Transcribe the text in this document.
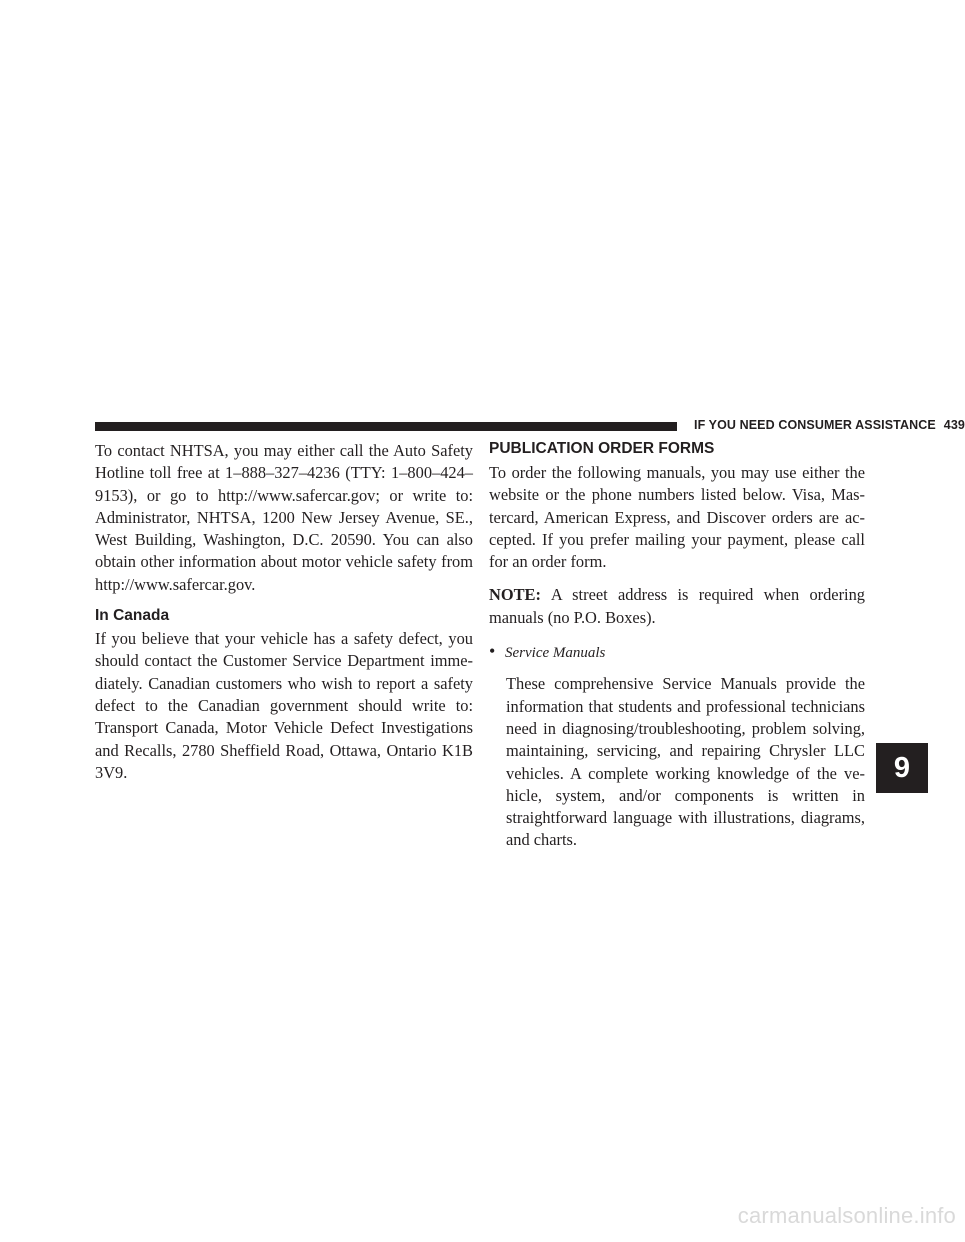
IF YOU NEED CONSUMER ASSISTANCE 439

To contact NHTSA, you may either call the Auto Safety
Hotline toll free at 1–888–327–4236 (TTY: 1–800–424–
9153), or go to http://www.safercar.gov; or write to:
Administrator, NHTSA, 1200 New Jersey Avenue, SE.,
West Building, Washington, D.C. 20590. You can also
obtain other information about motor vehicle safety from
http://www.safercar.gov.

In Canada

If you believe that your vehicle has a safety defect, you
should contact the Customer Service Department imme-
diately. Canadian customers who wish to report a safety
defect to the Canadian government should write to:
Transport Canada, Motor Vehicle Defect Investigations
and Recalls, 2780 Sheffield Road, Ottawa, Ontario K1B
3V9.

PUBLICATION ORDER FORMS

To order the following manuals, you may use either the
website or the phone numbers listed below. Visa, Mas-
tercard, American Express, and Discover orders are ac-
cepted. If you prefer mailing your payment, please call
for an order form.

NOTE: A street address is required when ordering
manuals (no P.O. Boxes).

• Service Manuals

These comprehensive Service Manuals provide the
information that students and professional technicians
need in diagnosing/troubleshooting, problem solving,
maintaining, servicing, and repairing Chrysler LLC
vehicles. A complete working knowledge of the ve-
hicle, system, and/or components is written in
straightforward language with illustrations, diagrams,
and charts.

9
carmanualsonline.info
